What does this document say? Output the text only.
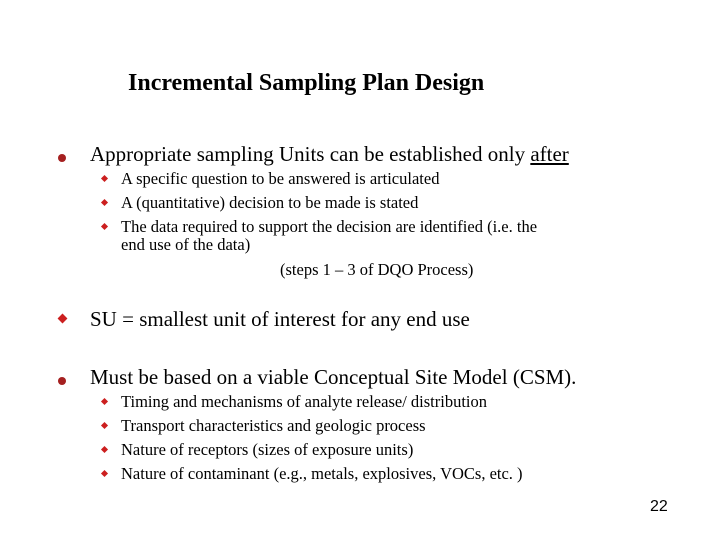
Incremental Sampling Plan Design
Appropriate sampling Units can be established only after
A specific question to be answered is articulated
A (quantitative) decision to be made is stated
The data required to support the decision are identified (i.e. the
end use of the data)
(steps 1 – 3 of DQO Process)
SU = smallest unit of interest for any end use
Must be based on a viable Conceptual Site Model (CSM).
Timing and mechanisms of analyte release/ distribution
Transport characteristics and geologic process
Nature of receptors (sizes of exposure units)
Nature of contaminant (e.g., metals, explosives, VOCs, etc. )
22
